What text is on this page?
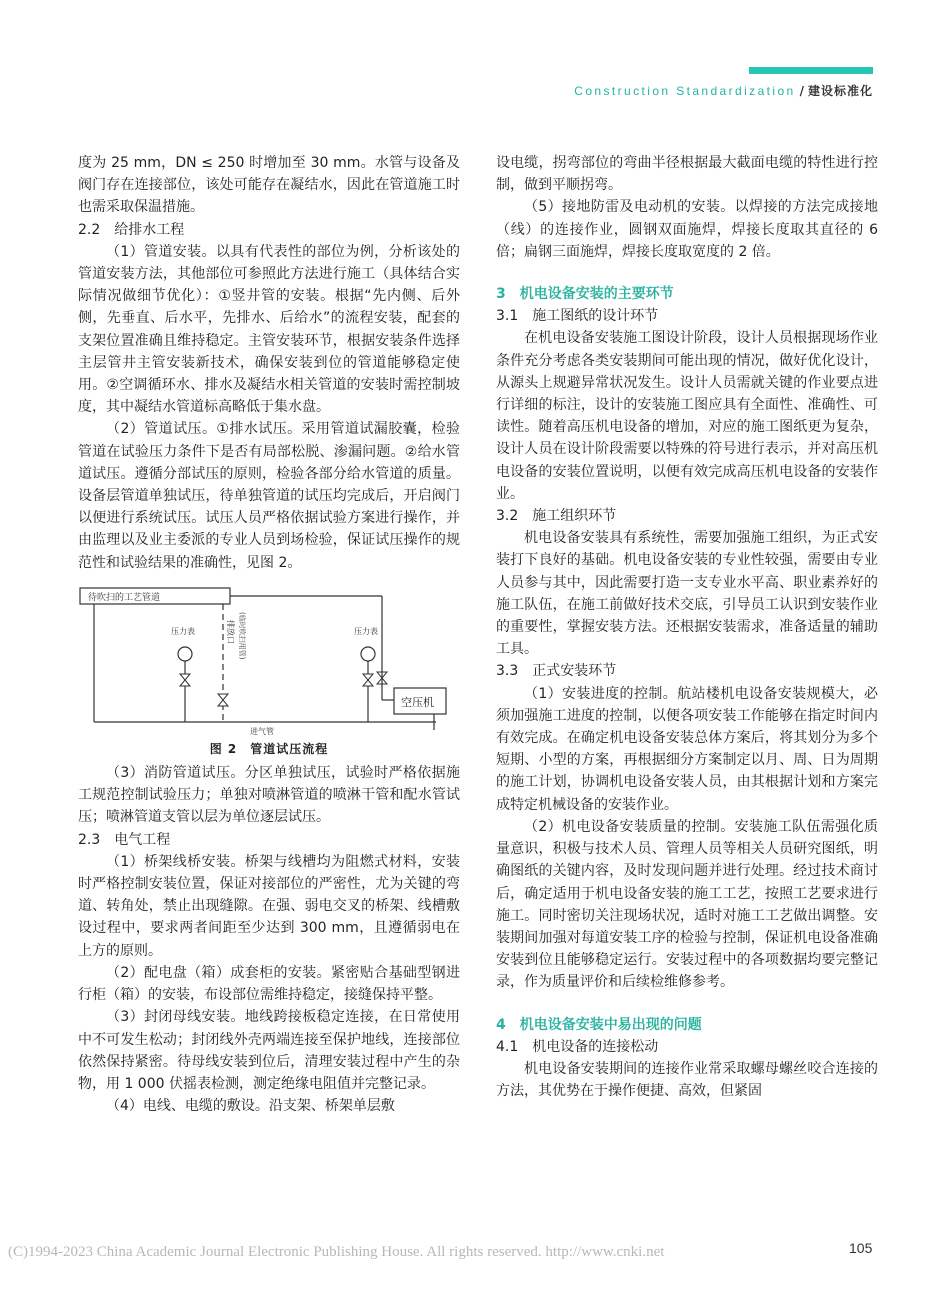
Construction Standardization / 建设标准化

度为 25 mm，DN ≤ 250 时增加至 30 mm。水管与设备及阀门存在连接部位，该处可能存在凝结水，因此在管道施工时也需采取保温措施。

2.2 给排水工程

（1）管道安装。以具有代表性的部位为例，分析该处的管道安装方法，其他部位可参照此方法进行施工（具体结合实际情况做细节优化）：①竖井管的安装。根据“先内侧、后外侧，先垂直、后水平，先排水、后给水”的流程安装，配套的支架位置准确且维持稳定。主管安装环节，根据安装条件选择主层管井主管安装新技术，确保安装到位的管道能够稳定使用。②空调循环水、排水及凝结水相关管道的安装时需控制坡度，其中凝结水管道标高略低于集水盘。

（2）管道试压。①排水试压。采用管道试漏胶囊，检验管道在试验压力条件下是否有局部松脱、渗漏问题。②给水管道试压。遵循分部试压的原则，检验各部分给水管道的质量。设备层管道单独试压，待单独管道的试压均完成后，开启阀门以便进行系统试压。试压人员严格依据试验方案进行操作，并由监理以及业主委派的专业人员到场检验，保证试压操作的规范性和试验结果的准确性，见图 2。

待吹扫的工艺管道
排放口 (临时吹扫用管)
压力表	压力表
空压机
进气管
图 2　管道试压流程

（3）消防管道试压。分区单独试压，试验时严格依据施工规范控制试验压力；单独对喷淋管道的喷淋干管和配水管试压；喷淋管道支管以层为单位逐层试压。

2.3 电气工程

（1）桥架线桥安装。桥架与线槽均为阻燃式材料，安装时严格控制安装位置，保证对接部位的严密性，尤为关键的弯道、转角处，禁止出现缝隙。在强、弱电交叉的桥架、线槽敷设过程中，要求两者间距至少达到 300 mm，且遵循弱电在上方的原则。

（2）配电盘（箱）成套柜的安装。紧密贴合基础型钢进行柜（箱）的安装，布设部位需维持稳定，接缝保持平整。

（3）封闭母线安装。地线跨接板稳定连接，在日常使用中不可发生松动；封闭线外壳两端连接至保护地线，连接部位依然保持紧密。待母线安装到位后，清理安装过程中产生的杂物，用 1 000 伏摇表检测，测定绝缘电阻值并完整记录。

（4）电线、电缆的敷设。沿支架、桥架单层敷

设电缆，拐弯部位的弯曲半径根据最大截面电缆的特性进行控制，做到平顺拐弯。

（5）接地防雷及电动机的安装。以焊接的方法完成接地（线）的连接作业，圆钢双面施焊，焊接长度取其直径的 6 倍；扁钢三面施焊，焊接长度取宽度的 2 倍。

3 机电设备安装的主要环节
3.1 施工图纸的设计环节

在机电设备安装施工图设计阶段，设计人员根据现场作业条件充分考虑各类安装期间可能出现的情况，做好优化设计，从源头上规避异常状况发生。设计人员需就关键的作业要点进行详细的标注，设计的安装施工图应具有全面性、准确性、可读性。随着高压机电设备的增加，对应的施工图纸更为复杂，设计人员在设计阶段需要以特殊的符号进行表示，并对高压机电设备的安装位置说明，以便有效完成高压机电设备的安装作业。

3.2 施工组织环节

机电设备安装具有系统性，需要加强施工组织，为正式安装打下良好的基础。机电设备安装的专业性较强，需要由专业人员参与其中，因此需要打造一支专业水平高、职业素养好的施工队伍，在施工前做好技术交底，引导员工认识到安装作业的重要性，掌握安装方法。还根据安装需求，准备适量的辅助工具。

3.3 正式安装环节

（1）安装进度的控制。航站楼机电设备安装规模大，必须加强施工进度的控制，以便各项安装工作能够在指定时间内有效完成。在确定机电设备安装总体方案后，将其划分为多个短期、小型的方案，再根据细分方案制定以月、周、日为周期的施工计划，协调机电设备安装人员，由其根据计划和方案完成特定机械设备的安装作业。

（2）机电设备安装质量的控制。安装施工队伍需强化质量意识，积极与技术人员、管理人员等相关人员研究图纸，明确图纸的关键内容，及时发现问题并进行处理。经过技术商讨后，确定适用于机电设备安装的施工工艺，按照工艺要求进行施工。同时密切关注现场状况，适时对施工工艺做出调整。安装期间加强对每道安装工序的检验与控制，保证机电设备准确安装到位且能够稳定运行。安装过程中的各项数据均要完整记录，作为质量评价和后续检维修参考。

4 机电设备安装中易出现的问题
4.1 机电设备的连接松动

机电设备安装期间的连接作业常采取螺母螺丝咬合连接的方法，其优势在于操作便捷、高效，但紧固

(C)1994-2023 China Academic Journal Electronic Publishing House. All rights reserved. http://www.cnki.net	105
